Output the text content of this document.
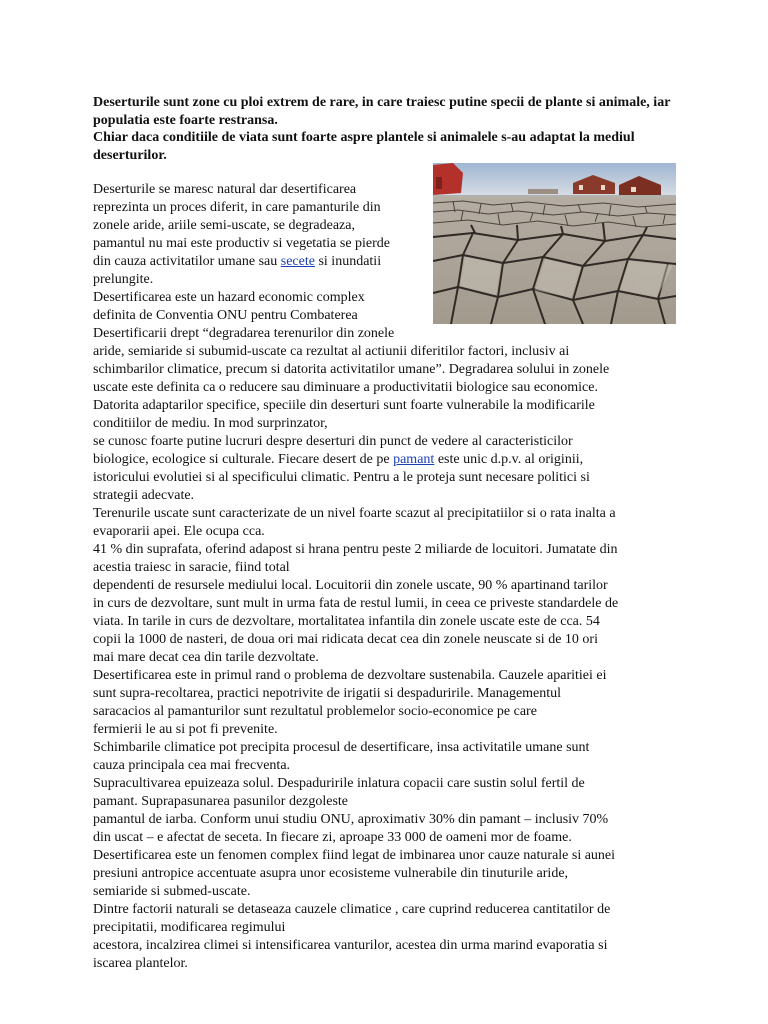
Deserturile sunt zone cu ploi extrem de rare, in care traiesc putine specii de plante si animale, iar populatia este foarte restransa.

Chiar daca conditiile de viata sunt foarte aspre plantele si animalele s-au adaptat la mediul deserturilor.

Deserturile se maresc natural dar desertificarea
reprezinta un proces diferit, in care pamanturile din
zonele aride, ariile semi-uscate, se degradeaza,
pamantul nu mai este productiv si vegetatia se pierde
din cauza activitatilor umane sau secete si inundatii
prelungite.
Desertificarea este un hazard economic complex
definita de Conventia ONU pentru Combaterea
Desertificarii drept “degradarea terenurilor din zonele
aride, semiaride si subumid-uscate ca rezultat al actiunii diferitilor factori, inclusiv ai
schimbarilor climatice, precum si datorita activitatilor umane”. Degradarea solului in zonele
uscate este definita ca o reducere sau diminuare a productivitatii biologice sau economice.
Datorita adaptarilor specifice, speciile din deserturi sunt foarte vulnerabile la modificarile
conditiilor de mediu. In mod surprinzator,
se cunosc foarte putine lucruri despre deserturi din punct de vedere al caracteristicilor
biologice, ecologice si culturale. Fiecare desert de pe pamant este unic d.p.v. al originii,
istoricului evolutiei si al specificului climatic. Pentru a le proteja sunt necesare politici si
strategii adecvate.
Terenurile uscate sunt caracterizate de un nivel foarte scazut al precipitatiilor si o rata inalta a
evaporarii apei. Ele ocupa cca.
41 % din suprafata, oferind adapost si hrana pentru peste 2 miliarde de locuitori. Jumatate din
acestia traiesc in saracie, fiind total
dependenti de resursele mediului local. Locuitorii din zonele uscate, 90 % apartinand tarilor
in curs de dezvoltare, sunt mult in urma fata de restul lumii, in ceea ce priveste standardele de
viata. In tarile in curs de dezvoltare, mortalitatea infantila din zonele uscate este de cca. 54
copii la 1000 de nasteri, de doua ori mai ridicata decat cea din zonele neuscate si de 10 ori
mai mare decat cea din tarile dezvoltate.
Desertificarea este in primul rand o problema de dezvoltare sustenabila. Cauzele aparitiei ei
sunt supra-recoltarea, practici nepotrivite de irigatii si despaduririle. Managementul
saracacios al pamanturilor sunt rezultatul problemelor socio-economice pe care
fermierii le au si pot fi prevenite.
Schimbarile climatice pot precipita procesul de desertificare, insa activitatile umane sunt
cauza principala cea mai frecventa.
Supracultivarea epuizeaza solul. Despaduririle inlatura copacii care sustin solul fertil de
pamant. Suprapasunarea pasunilor dezgoleste
pamantul de iarba. Conform unui studiu ONU, aproximativ 30% din pamant – inclusiv 70%
din uscat – e afectat de seceta. In fiecare zi, aproape 33 000 de oameni mor de foame.
Desertificarea este un fenomen complex fiind legat de imbinarea unor cauze naturale si aunei
presiuni antropice accentuate asupra unor ecosisteme vulnerabile din tinuturile aride,
semiaride si submed-uscate.
Dintre factorii naturali se detaseaza cauzele climatice , care cuprind reducerea cantitatilor de
precipitatii, modificarea regimului
acestora, incalzirea climei si intensificarea vanturilor, acestea din urma marind evaporatia si
iscarea plantelor.
